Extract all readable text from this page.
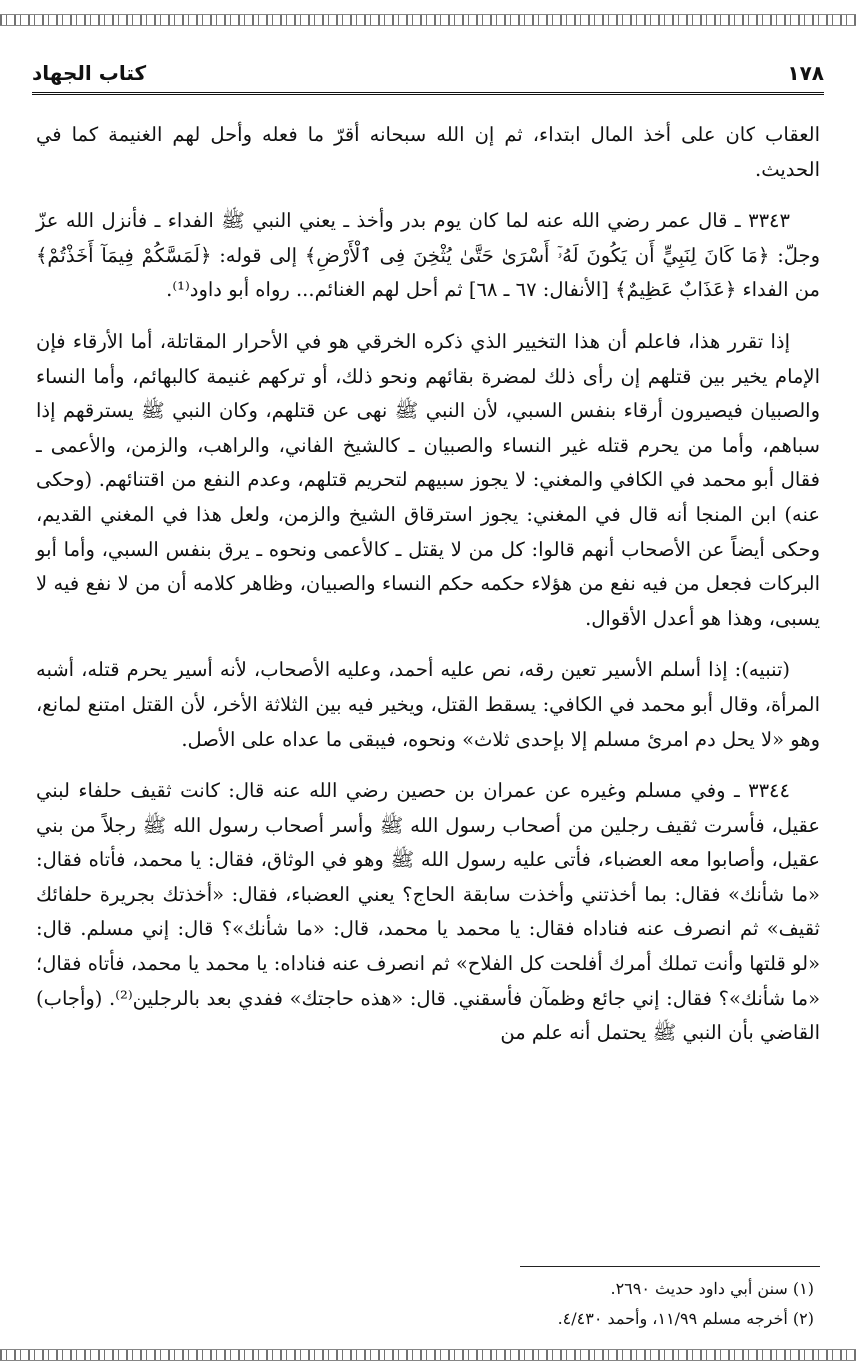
١٧٨
كتاب الجهاد

العقاب كان على أخذ المال ابتداء، ثم إن الله سبحانه أقرّ ما فعله وأحل لهم الغنيمة كما في الحديث.

٣٣٤٣ ـ قال عمر رضي الله عنه لما كان يوم بدر وأخذ ـ يعني النبي ﷺ الفداء ـ فأنزل الله عزّ وجلّ: ﴿مَا كَانَ لِنَبِيٍّ أَن يَكُونَ لَهُۥٓ أَسْرَىٰ حَتَّىٰ يُثْخِنَ فِى ٱلْأَرْضِ﴾ إلى قوله: ﴿لَمَسَّكُمْ فِيمَآ أَخَذْتُمْ﴾ من الفداء ﴿عَذَابٌ عَظِيمٌ﴾ [الأنفال: ٦٧ ـ ٦٨] ثم أحل لهم الغنائم... رواه أبو داود⁽¹⁾.

إذا تقرر هذا، فاعلم أن هذا التخيير الذي ذكره الخرقي هو في الأحرار المقاتلة، أما الأرقاء فإن الإمام يخير بين قتلهم إن رأى ذلك لمضرة بقائهم ونحو ذلك، أو تركهم غنيمة كالبهائم، وأما النساء والصبيان فيصيرون أرقاء بنفس السبي، لأن النبي ﷺ نهى عن قتلهم، وكان النبي ﷺ يسترقهم إذا سباهم، وأما من يحرم قتله غير النساء والصبيان ـ كالشيخ الفاني، والراهب، والزمن، والأعمى ـ فقال أبو محمد في الكافي والمغني: لا يجوز سبيهم لتحريم قتلهم، وعدم النفع من اقتنائهم. (وحكى عنه) ابن المنجا أنه قال في المغني: يجوز استرقاق الشيخ والزمن، ولعل هذا في المغني القديم، وحكى أيضاً عن الأصحاب أنهم قالوا: كل من لا يقتل ـ كالأعمى ونحوه ـ يرق بنفس السبي، وأما أبو البركات فجعل من فيه نفع من هؤلاء حكمه حكم النساء والصبيان، وظاهر كلامه أن من لا نفع فيه لا يسبى، وهذا هو أعدل الأقوال.

(تنبيه): إذا أسلم الأسير تعين رقه، نص عليه أحمد، وعليه الأصحاب، لأنه أسير يحرم قتله، أشبه المرأة، وقال أبو محمد في الكافي: يسقط القتل، ويخير فيه بين الثلاثة الأخر، لأن القتل امتنع لمانع، وهو «لا يحل دم امرئ مسلم إلا بإحدى ثلاث» ونحوه، فيبقى ما عداه على الأصل.

٣٣٤٤ ـ وفي مسلم وغيره عن عمران بن حصين رضي الله عنه قال: كانت ثقيف حلفاء لبني عقيل، فأسرت ثقيف رجلين من أصحاب رسول الله ﷺ وأسر أصحاب رسول الله ﷺ رجلاً من بني عقيل، وأصابوا معه العضباء، فأتى عليه رسول الله ﷺ وهو في الوثاق، فقال: يا محمد، فأتاه فقال: «ما شأنك» فقال: بما أخذتني وأخذت سابقة الحاج؟ يعني العضباء، فقال: «أخذتك بجريرة حلفائك ثقيف» ثم انصرف عنه فناداه فقال: يا محمد يا محمد، قال: «ما شأنك»؟ قال: إني مسلم. قال: «لو قلتها وأنت تملك أمرك أفلحت كل الفلاح» ثم انصرف عنه فناداه: يا محمد يا محمد، فأتاه فقال؛ «ما شأنك»؟ فقال: إني جائع وظمآن فأسقني. قال: «هذه حاجتك» ففدي بعد بالرجلين⁽²⁾. (وأجاب) القاضي بأن النبي ﷺ يحتمل أنه علم من

(١) سنن أبي داود حديث ٢٦٩٠.
(٢) أخرجه مسلم ١١/٩٩، وأحمد ٤/٤٣٠.
